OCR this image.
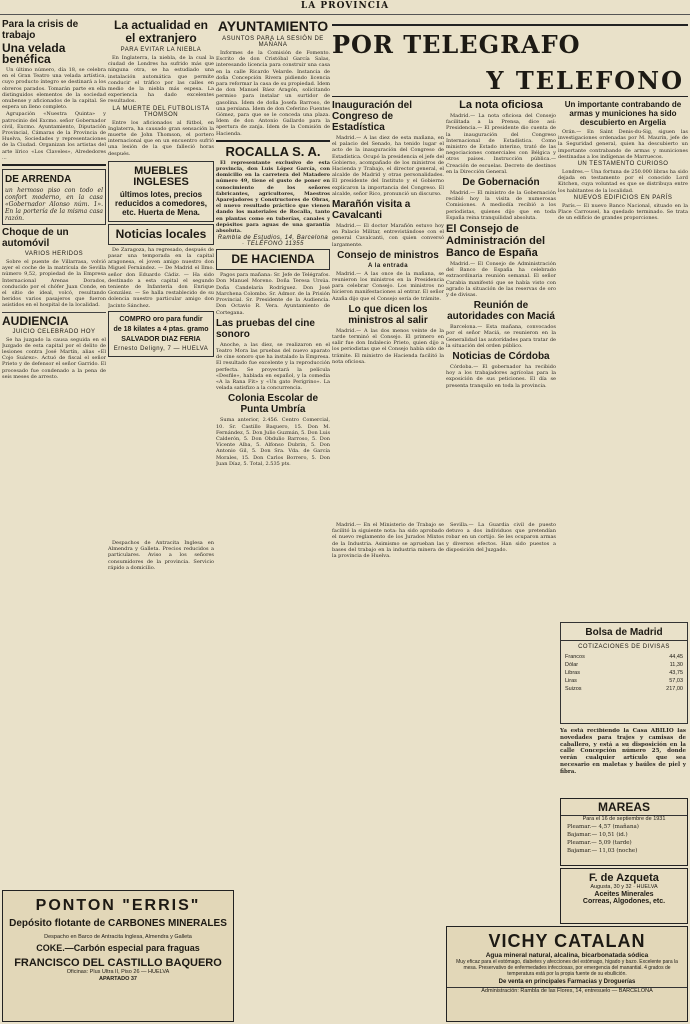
LA PROVINCIA
Para la crisis de trabajo
Una velada benéfica

Un último número, día 18, se celebra en el Gran Teatro una velada artística, cuyo producto íntegro se destinará a los obreros parados. Tomarán parte en ella distinguidos elementos de la sociedad onubense y aficionados de la capital. Se espera un lleno completo.

Agrupación «Nuestra Quinta» y patrocinio del Excmo. señor Gobernador civil, Excmo. Ayuntamiento, Diputación Provincial, Cámaras de la Provincia de Huelva, Sociedades y representaciones de la Ciudad. Organizan los artistas del arte lírico «Los Claveles», Alrededores ...

DE ARRENDA
un hermoso piso con todo el confort moderno, en la casa «Gobernador Alonso núm. 1». En la portería de la misma casa razón.
Choque de un automóvil
VARIOS HERIDOS

Sobre el puente de Villarrasa, volvió ayer el coche de la matrícula de Sevilla número 9,52, propiedad de la Empresa Internacional Arenas Dorados, conducido por el chófer Juan Conde, en el sitio de ideal, volcó, resultando heridos varios pasajeros que fueron asistidos en el hospital de la localidad.

AUDIENCIA
JUICIO CELEBRADO HOY

Se ha juzgado la causa seguida en el Juzgado de esta capital por el delito de lesiones contra José Martín, alias «El Cojo Suárez». Actuó de fiscal el señor Prieto y de defensor el señor Garrido. El procesado fue condenado a la pena de seis meses de arresto.

La actualidad en el extranjero
PARA EVITAR LA NIEBLA

En Inglaterra, la niebla, de la cual la ciudad de Londres ha sufrido más que ninguna otra, se ha estudiado una instalación automática que permite conducir el tráfico por las calles en medio de la niebla más espesa. La experiencia ha dado excelentes resultados.

LA MUERTE DEL FUTBOLISTA THOMSON

Entre los aficionados al fútbol, en Inglaterra, ha causado gran sensación la muerte de John Thomson, el portero internacional que en un encuentro sufrió una lesión de la que falleció horas después.

MUEBLES INGLESES
últimos lotes, precios reducidos a comedores, etc. Huerta de Mena.
Noticias locales

De Zaragoza, ha regresado, después de pasar una temporada en la capital aragonesa, el joven amigo nuestro don Miguel Fernández. — De Madrid el Ilmo. señor don Eduardo Cádiz. — Ha sido destinado a esta capital el segundo teniente de Infantería don Enrique González. — Se halla restablecido de su dolencia nuestro particular amigo don Jacinto Sánchez.

COMPRO oro para fundir
de 18 kilates a 4 ptas. gramo
SALVADOR DIAZ FERIA
Ernesto Deligny, 7 — HUELVA
AYUNTAMIENTO
ASUNTOS PARA LA SESIÓN DE MAÑANA

Informes de la Comisión de Fomento. Escrito de don Cristóbal García Salas, interesando licencia para construir una casa en la calle Ricardo Velarde. Instancia de doña Concepción Rivera pidiendo licencia para reformar la casa de su propiedad. Idem de don Manuel Báez Aragón, solicitando permiso para instalar un surtidor de gasolina. Ídem de doña Josefa Barroso, de una persiana. Ídem de don Ceferino Fuentes Gómez, para que se le conceda una plaza. Idem de don Antonio Gallardo para la apertura de zanja. Idem de la Comisión de Hacienda.

ROCALLA S. A.

El representante exclusivo de esta provincia, don Luis López García, con domicilio en la carretera del Matadero número 49, tiene el gusto de poner en conocimiento de los señores fabricantes, agricultores, Maestros Aparejadores y Constructores de Obras, el nuevo resultado práctico que vienen dando los materiales de Rocalla, tanto en plantas como en tuberías, canales y depósitos para aguas de una garantía absoluta.

Rambla de Estudios, 14, Barcelona · TELÉFONO 11355
DE HACIENDA

Pagos para mañana: Sr. Jefe de Telégrafos. Don Manuel Moreno. Doña Teresa Ursúa. Doña Candelaria Rodríguez. Don José Marchena Colombo. Sr. Admor. de la Prisión Provincial. Sr. Presidente de la Audiencia. Don Octavio R. Vera. Ayuntamiento de Cortegana.

Las pruebas del cine sonoro

Anoche, a las diez, se realizaron en el Teatro Mora las pruebas del nuevo aparato de cine sonoro que ha instalado la Empresa. El resultado fue excelente y la reproducción perfecta. Se proyectará la película «Desfile», hablada en español, y la comedia «A la Rana Fit» y «Un gato Perigrino». La velada satisfizo a la concurrencia.

Colonia Escolar de Punta Umbría

Suma anterior, 2.456. Centro Comercial, 10. Sr. Castillo Baquero, 15. Don M. Fernández, 5. Don Julio Guzmán, 5. Don Luis Calderón, 5. Don Obdulio Barroso, 5. Don Vicente Alba, 5. Alfonso Dubrin, 5. Don Antonio Gil, 5. Don Sra. Vda. de García Morales, 15. Don Carlos Borrero, 5. Don Juan Díaz, 5. Total, 2.535 pts.

POR TELEGRAFO
Y TELEFONO
Inauguración del Congreso de Estadística

Madrid.— A las diez de esta mañana, en el palacio del Senado, ha tenido lugar el acto de la inauguración del Congreso de Estadística. Ocupó la presidencia el jefe del Gobierno, acompañado de los ministros de Hacienda y Trabajo, el director general, el alcalde de Madrid y otras personalidades. El presidente del Instituto y el Gobierno explicaron la importancia del Congreso. El alcalde, señor Rico, pronunció un discurso.

Marañón visita a Cavalcanti

Madrid.— El doctor Marañón estuvo hoy en Palacio Militar, entrevistándose con el general Cavalcanti, con quien conversó largamente.

Consejo de ministros
A la entrada

Madrid.— A las once de la mañana, se reunieron los ministros en la Presidencia para celebrar Consejo. Los ministros no hicieron manifestaciones al entrar. El señor Azaña dijo que el Consejo sería de trámite.

Lo que dicen los ministros al salir

Madrid.— A las dos menos veinte de la tarde terminó el Consejo. El primero en salir fue don Indalecio Prieto, quien dijo a los periodistas que el Consejo había sido de trámite. El ministro de Hacienda facilitó la nota oficiosa.

La nota oficiosa

Madrid.— La nota oficiosa del Consejo facilitada a la Prensa, dice así: Presidencia.— El presidente dio cuenta de la inauguración del Congreso Internacional de Estadística. Como ministro de Estado interino, trató de las negociaciones comerciales con Bélgica y otros países. Instrucción pública.— Creación de escuelas. Decreto de destinos en la Dirección General.

De Gobernación

Madrid.— El ministro de la Gobernación recibió hoy la visita de numerosas Comisiones. A mediodía recibió a los periodistas, quienes dijo que en toda España reina tranquilidad absoluta.

El Consejo de Administración del Banco de España

Madrid.— El Consejo de Administración del Banco de España ha celebrado extraordinaria reunión semanal. El señor Carabia manifestó que se había visto con agrado la situación de las reservas de oro y de divisas.

Reunión de autoridades con Maciá

Barcelona.— Esta mañana, convocados por el señor Maciá, se reunieron en la Generalidad las autoridades para tratar de la situación del orden público.

Noticias de Córdoba

Córdoba.— El gobernador ha recibido hoy a los trabajadores agrícolas para la exposición de sus peticiones. El día se presenta tranquilo en toda la provincia.

Un importante contrabando de armas y municiones ha sido descubierto en Argelia

Orán.— En Saint Denis-du-Sig, siguen las investigaciones ordenadas por M. Maurin, jefe de la Seguridad general, quien ha descubierto un importante contrabando de armas y municiones destinadas a los indígenas de Marruecos.

UN TESTAMENTO CURIOSO

Londres.— Una fortuna de 250.000 libras ha sido dejada en testamento por el conocido Lord Kitchen, cuya voluntad es que se distribuya entre los habitantes de la localidad.

NUEVOS EDIFICIOS EN PARÍS

París.— El nuevo Banco Nacional, situado en la Place Carrousel, ha quedado terminado. Se trata de un edificio de grandes proporciones.

Bolsa de Madrid
COTIZACIONES DE DIVISAS
Francos	44,45
Dólar	11,30
Libras	43,75
Liras	57,03
Suizos	217,00
Ya está recibiendo la Casa ABILIO las novedades para trajes y camisas de caballero, y está a su disposición en la calle Concepción número 25, donde verán cualquier artículo que sea necesario en maletas y baúles de piel y fibra.
MAREAS
Para el 16 de septiembre de 1931
Pleamar.— 4,57 (mañana)
Bajamar.— 10,51 (id.)
Pleamar.— 5,09 (tarde)
Bajamar.— 11,03 (noche)
F. de Azqueta
Augusta, 30 y 32 · HUELVA
Aceites Minerales
Correas, Algodones, etc.

Despachos de Antracita Inglesa en Almendra y Galleta. Precios reducidos a particulares. Aviso a los señores consumidores de la provincia. Servicio rápido a domicilio.

Madrid.— En el Ministerio de Trabajo se facilitó la siguiente nota: ha sido aprobado el nuevo reglamento de los Jurados Mixtos de la Industria. Asimismo se aprueban las bases del trabajo en la industria minera de la provincia de Huelva.

Sevilla.— La Guardia civil de puesto detuvo a dos individuos que pretendían robar en un cortijo. Se les ocuparon armas y diversos efectos. Han sido puestos a disposición del Juzgado.

PONTON "ERRIS"
Depósito flotante de CARBONES MINERALES
Despacho en Barco de Antracita Inglesa, Almendra y Galleta
COKE.—Carbón especial para fraguas
FRANCISCO DEL CASTILLO BAQUERO
Oficinas: Plus Ultra II, Piso 26 — HUELVA
APARTADO 37
VICHY CATALAN
Agua mineral natural, alcalina, bicarbonatada sódica
Muy eficaz para el estómago, diabetes y afecciones del estómago, hígado y bazo. Excelente para la mesa. Preservativo de enfermedades infecciosas, por emergencia del manantial. 4 grados de temperatura está por la propia fuente de su ebullición.
De venta en principales Farmacias y Droguerías
Administración: Rambla de las Flores, 14, entresuelo — BARCELONA
